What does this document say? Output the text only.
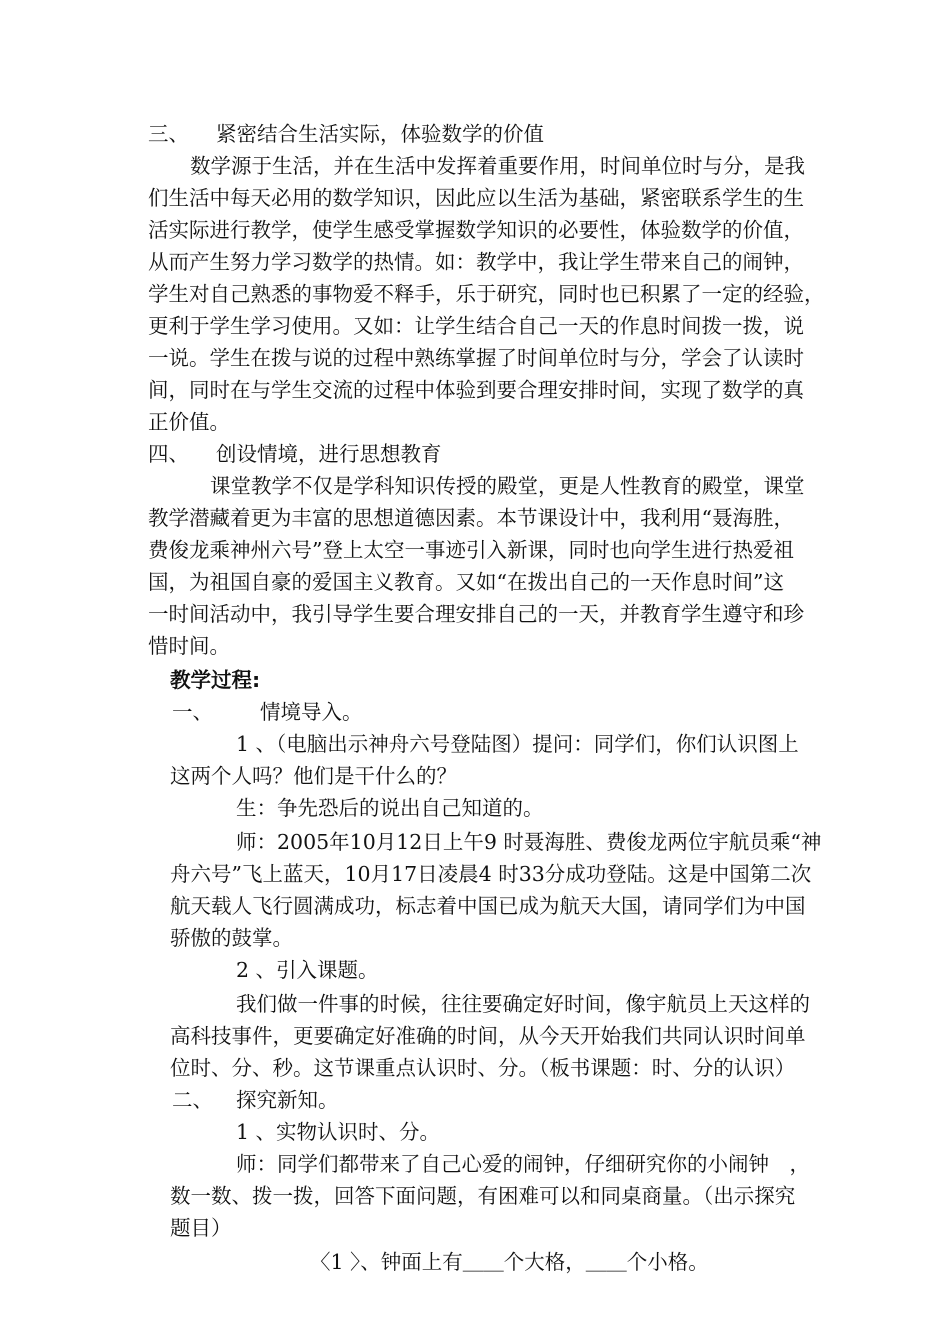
三、 紧密结合生活实际，体验数学的价值
数学源于生活，并在生活中发挥着重要作用，时间单位时与分，是我
们生活中每天必用的数学知识，因此应以生活为基础，紧密联系学生的生
活实际进行教学，使学生感受掌握数学知识的必要性，体验数学的价值，
从而产生努力学习数学的热情。如：教学中，我让学生带来自己的闹钟，
学生对自己熟悉的事物爱不释手，乐于研究，同时也已积累了一定的经验，
更利于学生学习使用。又如：让学生结合自己一天的作息时间拨一拨，说
一说。学生在拨与说的过程中熟练掌握了时间单位时与分，学会了认读时
间，同时在与学生交流的过程中体验到要合理安排时间，实现了数学的真
正价值。
四、 创设情境，进行思想教育
课堂教学不仅是学科知识传授的殿堂，更是人性教育的殿堂，课堂
教学潜藏着更为丰富的思想道德因素。本节课设计中，我利用“聂海胜，
费俊龙乘神州六号”登上太空一事迹引入新课，同时也向学生进行热爱祖
国，为祖国自豪的爱国主义教育。又如“在拨出自己的一天作息时间”这
一时间活动中，我引导学生要合理安排自己的一天，并教育学生遵守和珍
惜时间。
教学过程:
一、 情境导入。
1 、（电脑出示神舟六号登陆图）提问：同学们，你们认识图上
这两个人吗？他们是干什么的？
生：争先恐后的说出自己知道的。
师：2005年10月12日上午9 时聂海胜、费俊龙两位宇航员乘“神
舟六号”飞上蓝天，10月17日凌晨4 时33分成功登陆。这是中国第二次
航天载人飞行圆满成功，标志着中国已成为航天大国，请同学们为中国
骄傲的鼓掌。
2 、引入课题。
我们做一件事的时候，往往要确定好时间，像宇航员上天这样的
高科技事件，更要确定好准确的时间，从今天开始我们共同认识时间单
位时、分、秒。这节课重点认识时、分。（板书课题：时、分的认识）
二、 探究新知。
1 、实物认识时、分。
师：同学们都带来了自己心爱的闹钟，仔细研究你的小闹钟　，
数一数、拨一拨，回答下面问题，有困难可以和同桌商量。（出示探究
题目）
〈1 〉、钟面上有＿＿个大格，＿＿个小格。
